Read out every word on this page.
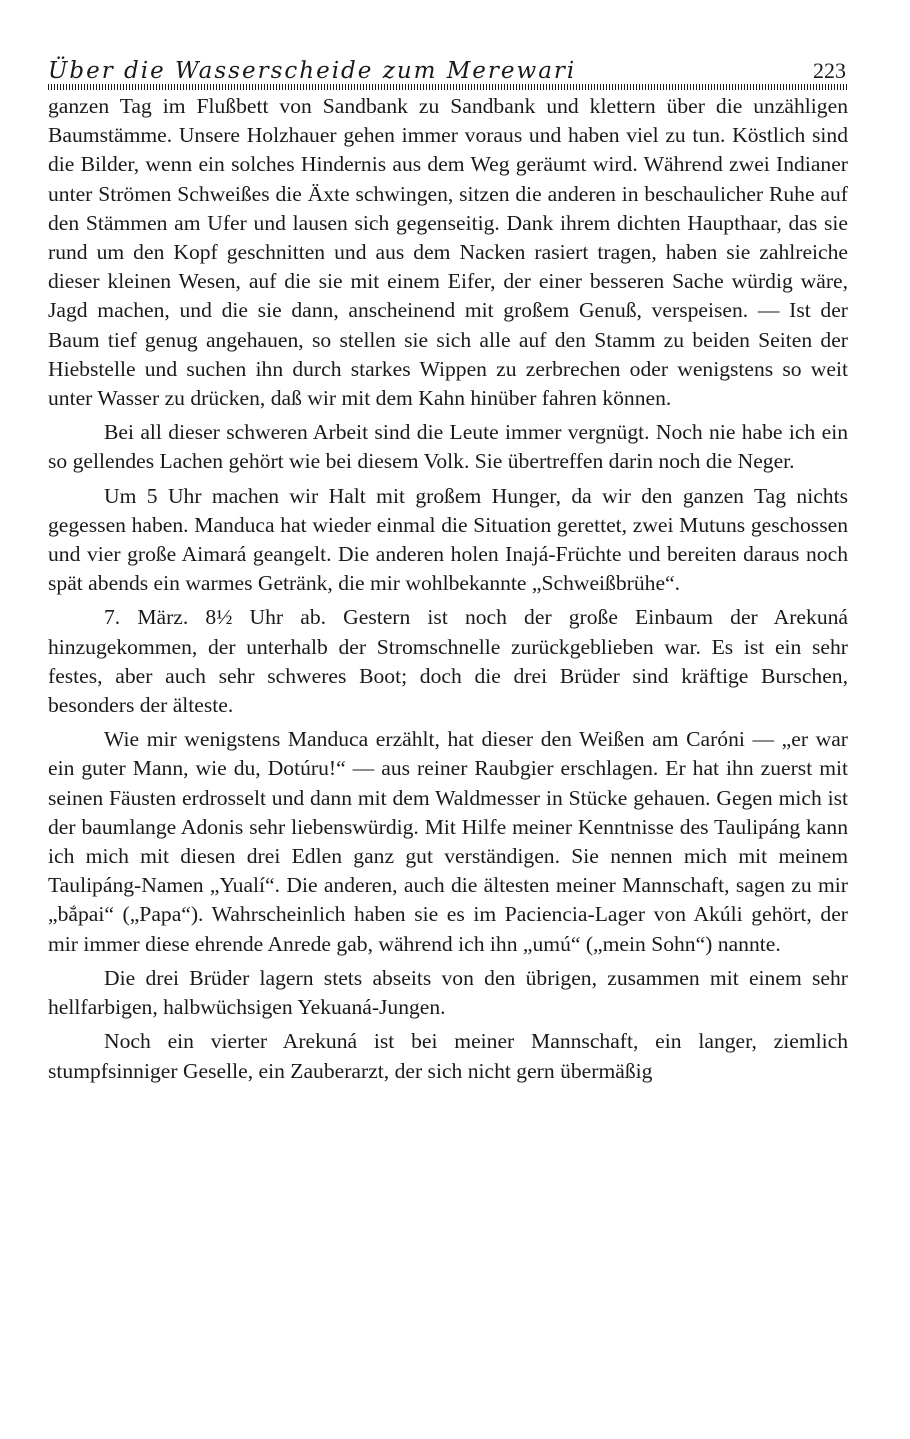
Über die Wasserscheide zum Merewari	223

ganzen Tag im Flußbett von Sandbank zu Sandbank und klettern über die unzähligen Baumstämme. Unsere Holzhauer gehen immer voraus und haben viel zu tun. Köstlich sind die Bilder, wenn ein solches Hindernis aus dem Weg geräumt wird. Während zwei Indianer unter Strömen Schweißes die Äxte schwingen, sitzen die anderen in beschaulicher Ruhe auf den Stämmen am Ufer und lausen sich gegenseitig. Dank ihrem dichten Haupthaar, das sie rund um den Kopf geschnitten und aus dem Nacken rasiert tragen, haben sie zahlreiche dieser kleinen Wesen, auf die sie mit einem Eifer, der einer besseren Sache würdig wäre, Jagd machen, und die sie dann, anscheinend mit großem Genuß, verspeisen. — Ist der Baum tief genug angehauen, so stellen sie sich alle auf den Stamm zu beiden Seiten der Hiebstelle und suchen ihn durch starkes Wippen zu zerbrechen oder wenigstens so weit unter Wasser zu drücken, daß wir mit dem Kahn hinüber fahren können.

Bei all dieser schweren Arbeit sind die Leute immer vergnügt. Noch nie habe ich ein so gellendes Lachen gehört wie bei diesem Volk. Sie übertreffen darin noch die Neger.

Um 5 Uhr machen wir Halt mit großem Hunger, da wir den ganzen Tag nichts gegessen haben. Manduca hat wieder einmal die Situation gerettet, zwei Mutuns geschossen und vier große Aimará geangelt. Die anderen holen Inajá-Früchte und bereiten daraus noch spät abends ein warmes Getränk, die mir wohlbekannte „Schweißbrühe“.

7. März. 8½ Uhr ab. Gestern ist noch der große Einbaum der Arekuná hinzugekommen, der unterhalb der Stromschnelle zurückgeblieben war. Es ist ein sehr festes, aber auch sehr schweres Boot; doch die drei Brüder sind kräftige Burschen, besonders der älteste.

Wie mir wenigstens Manduca erzählt, hat dieser den Weißen am Caróni — „er war ein guter Mann, wie du, Dotúru!“ — aus reiner Raubgier erschlagen. Er hat ihn zuerst mit seinen Fäusten erdrosselt und dann mit dem Waldmesser in Stücke gehauen. Gegen mich ist der baumlange Adonis sehr liebenswürdig. Mit Hilfe meiner Kenntnisse des Taulipáng kann ich mich mit diesen drei Edlen ganz gut verständigen. Sie nennen mich mit meinem Taulipáng-Namen „Yualí“. Die anderen, auch die ältesten meiner Mannschaft, sagen zu mir „bắpai“ („Papa“). Wahrscheinlich haben sie es im Paciencia-Lager von Akúli gehört, der mir immer diese ehrende Anrede gab, während ich ihn „umú“ („mein Sohn“) nannte.

Die drei Brüder lagern stets abseits von den übrigen, zusammen mit einem sehr hellfarbigen, halbwüchsigen Yekuaná-Jungen.

Noch ein vierter Arekuná ist bei meiner Mannschaft, ein langer, ziemlich stumpfsinniger Geselle, ein Zauberarzt, der sich nicht gern übermäßig
